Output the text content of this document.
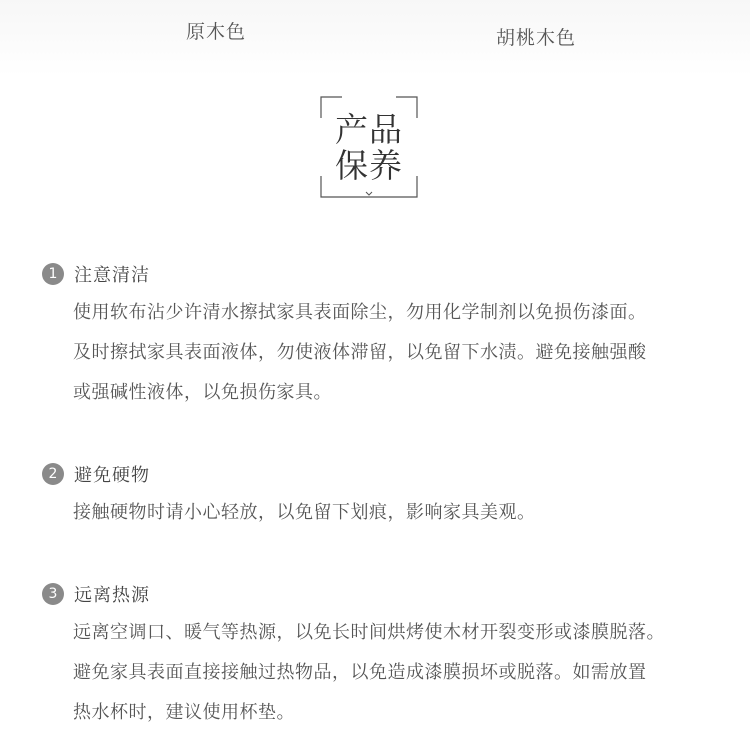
原木色	胡桃木色
产品
保养
1 注意清洁
使用软布沾少许清水擦拭家具表面除尘，勿用化学制剂以免损伤漆面。
及时擦拭家具表面液体，勿使液体滞留，以免留下水渍。避免接触强酸
或强碱性液体，以免损伤家具。
2 避免硬物
接触硬物时请小心轻放，以免留下划痕，影响家具美观。
3 远离热源
远离空调口、暖气等热源，以免长时间烘烤使木材开裂变形或漆膜脱落。
避免家具表面直接接触过热物品，以免造成漆膜损坏或脱落。如需放置
热水杯时，建议使用杯垫。
